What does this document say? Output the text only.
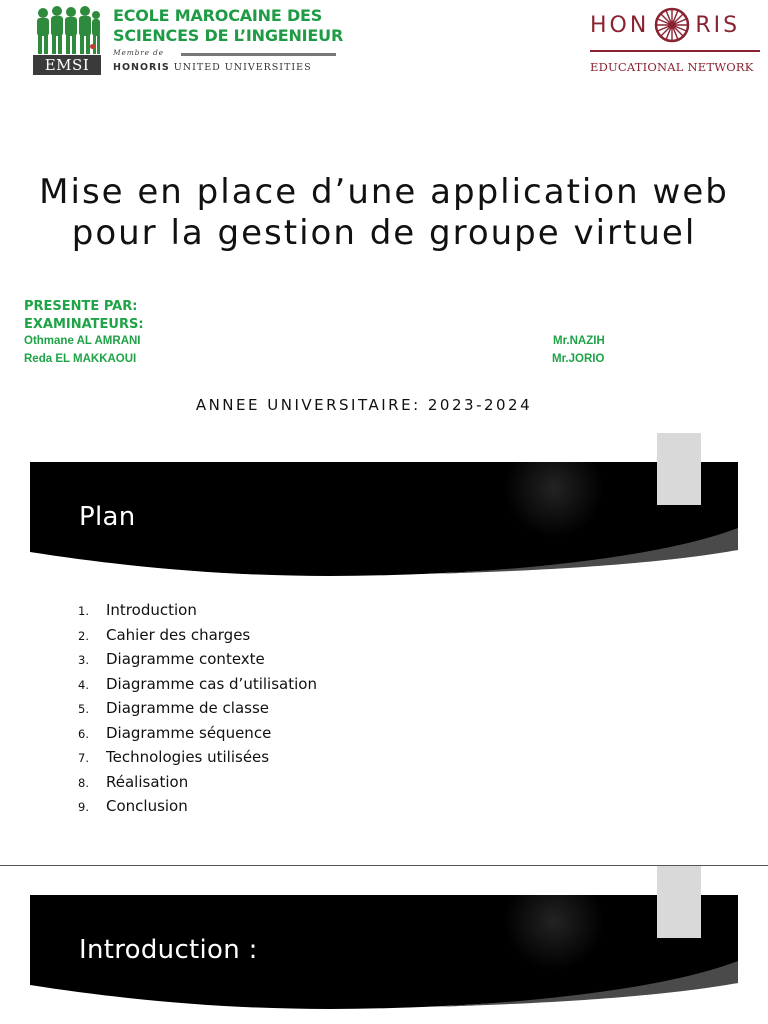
EMSI
ECOLE MAROCAINE DES
SCIENCES DE L’INGENIEUR
Membre de
HONORIS UNITED UNIVERSITIES
HON RIS
EDUCATIONAL NETWORK
Mise en place d’une application web
pour la gestion de groupe virtuel
PRESENTE PAR:
EXAMINATEURS:
Othmane AL AMRANI
Reda EL MAKKAOUI
Mr.NAZIH
Mr.JORIO
ANNEE UNIVERSITAIRE: 2023-2024
Plan
1.	Introduction
2.	Cahier des charges
3.	Diagramme contexte
4.	Diagramme cas d’utilisation
5.	Diagramme de classe
6.	Diagramme séquence
7.	Technologies utilisées
8.	Réalisation
9.	Conclusion
Introduction :
